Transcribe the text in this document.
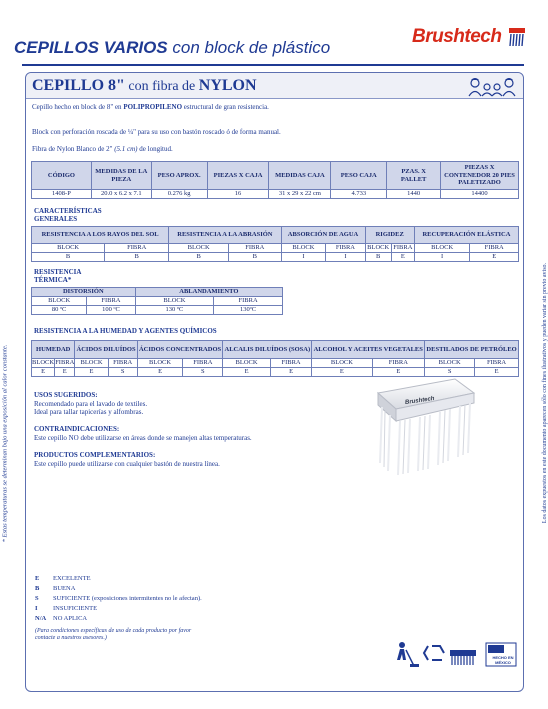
CEPILLOS VARIOS con block de plástico
Brushtech
* Estas temperaturas se determinan bajo una exposición al calor constante.	Los datos expuestos en este documento aparecen sólo con fines ilustrativos y pueden variar sin previo aviso.
CEPILLO 8" con fibra de NYLON
Cepillo hecho en block de 8" en POLIPROPILENO estructural de gran resistencia.
Block con perforación roscada de ¼" para su uso con bastón roscado ó de forma manual.
Fibra de Nylon Blanco de 2" (5.1 cm) de longitud.
CÓDIGO	MEDIDAS DE LA PIEZA	PESO APROX.	PIEZAS X CAJA	MEDIDAS CAJA	PESO CAJA	PZAS. X PALLET	PIEZAS X CONTENEDOR 20 PIES PALETIZADO
1408-P	20.0 x 6.2 x 7.1	0.276 kg	16	31 x 29 x 22 cm	4.733	1440	14400
CARACTERÍSTICAS GENERALES
RESISTENCIA A LOS RAYOS DEL SOL		RESISTENCIA A LA ABRASIÓN		ABSORCIÓN DE AGUA		RIGIDEZ		RECUPERACIÓN ELÁSTICA	
BLOCK	FIBRA	BLOCK	FIBRA	BLOCK	FIBRA	BLOCK	FIBRA	BLOCK	FIBRA
B	B	B	B	I	I	B	E	I	E
RESISTENCIA TÉRMICA*
DISTORSIÓN		ABLANDAMIENTO	
BLOCK	FIBRA	BLOCK	FIBRA
80 ºC	100 ºC	130 ºC	130ºC
RESISTENCIA A LA HUMEDAD Y AGENTES QUÍMICOS
HUMEDAD		ÁCIDOS DILUÍDOS		ÁCIDOS CONCENTRADOS		ALCALIS DILUÍDOS (SOSA)		ALCOHOL Y ACEITES VEGETALES		DESTILADOS DE PETRÓLEO	
BLOCK	FIBRA	BLOCK	FIBRA	BLOCK	FIBRA	BLOCK	FIBRA	BLOCK	FIBRA	BLOCK	FIBRA
E	E	E	S	E	S	E	E	E	E	S	E
USOS SUGERIDOS:
Recomendado para el lavado de textiles.
Ideal para tallar tapicerías y alfombras.
CONTRAINDICACIONES:
Este cepillo NO debe utilizarse en áreas donde se manejen altas temperaturas.
PRODUCTOS COMPLEMENTARIOS:
Este cepillo puede utilizarse con cualquier bastón de nuestra línea.
Brushtech
E EXCELENTE
B BUENA
S SUFICIENTE (exposiciones intermitentes no le afectan).
I INSUFICIENTE
N/A NO APLICA
(Para condiciones específicas de uso de cada producto por favor contacte a nuestros asesores.)
HECHO EN MÉXICO
